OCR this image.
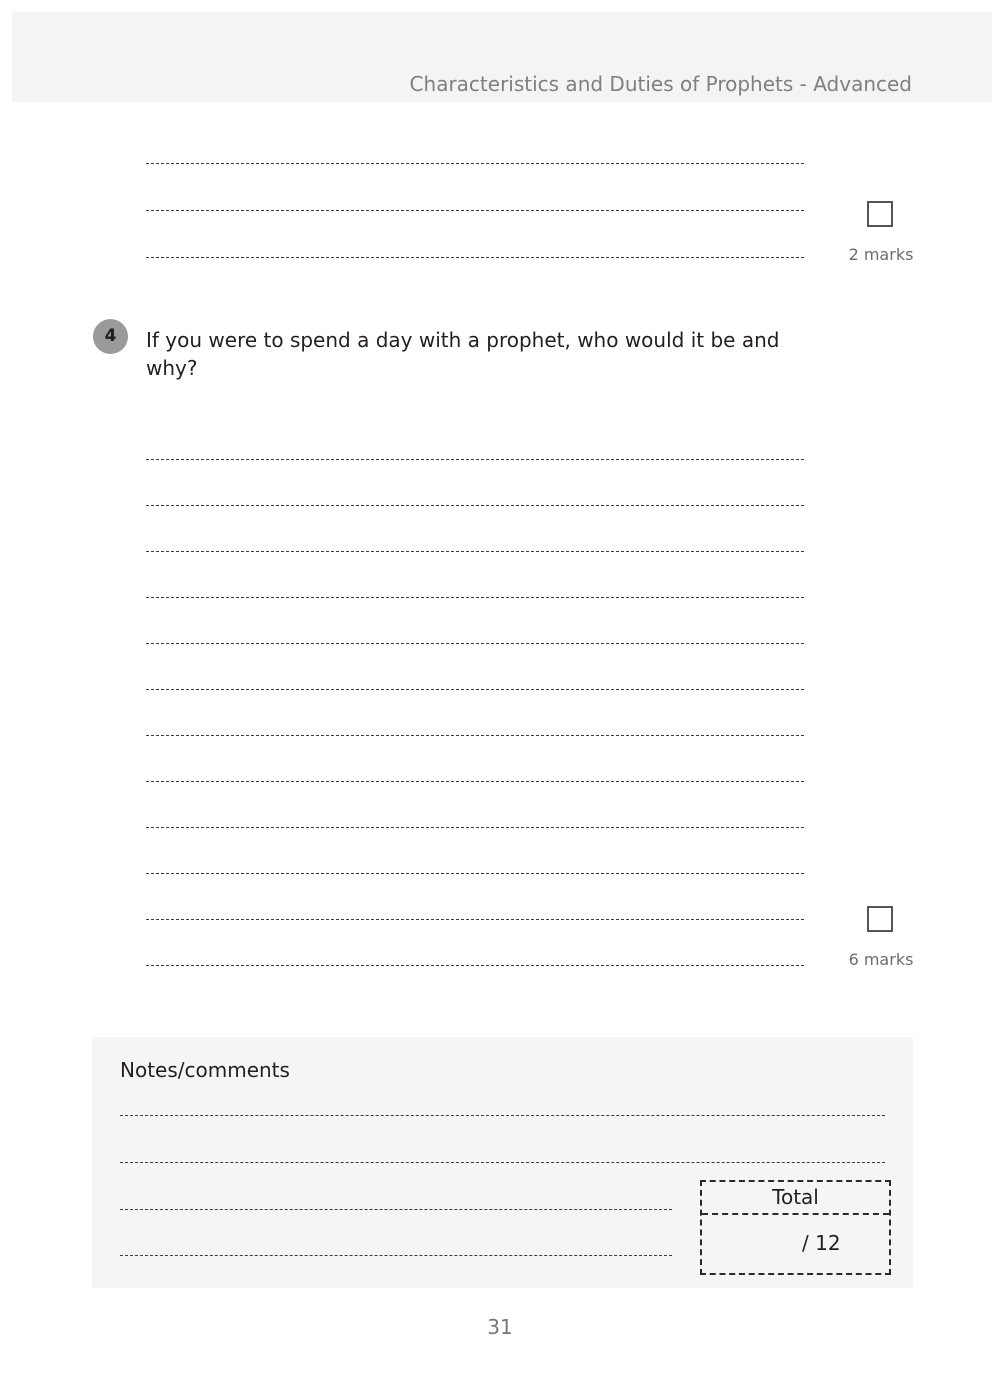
Characteristics and Duties of Prophets - Advanced
2 marks
4	If you were to spend a day with a prophet, who would it be and why?
6 marks
Notes/comments
Total
/ 12
31
